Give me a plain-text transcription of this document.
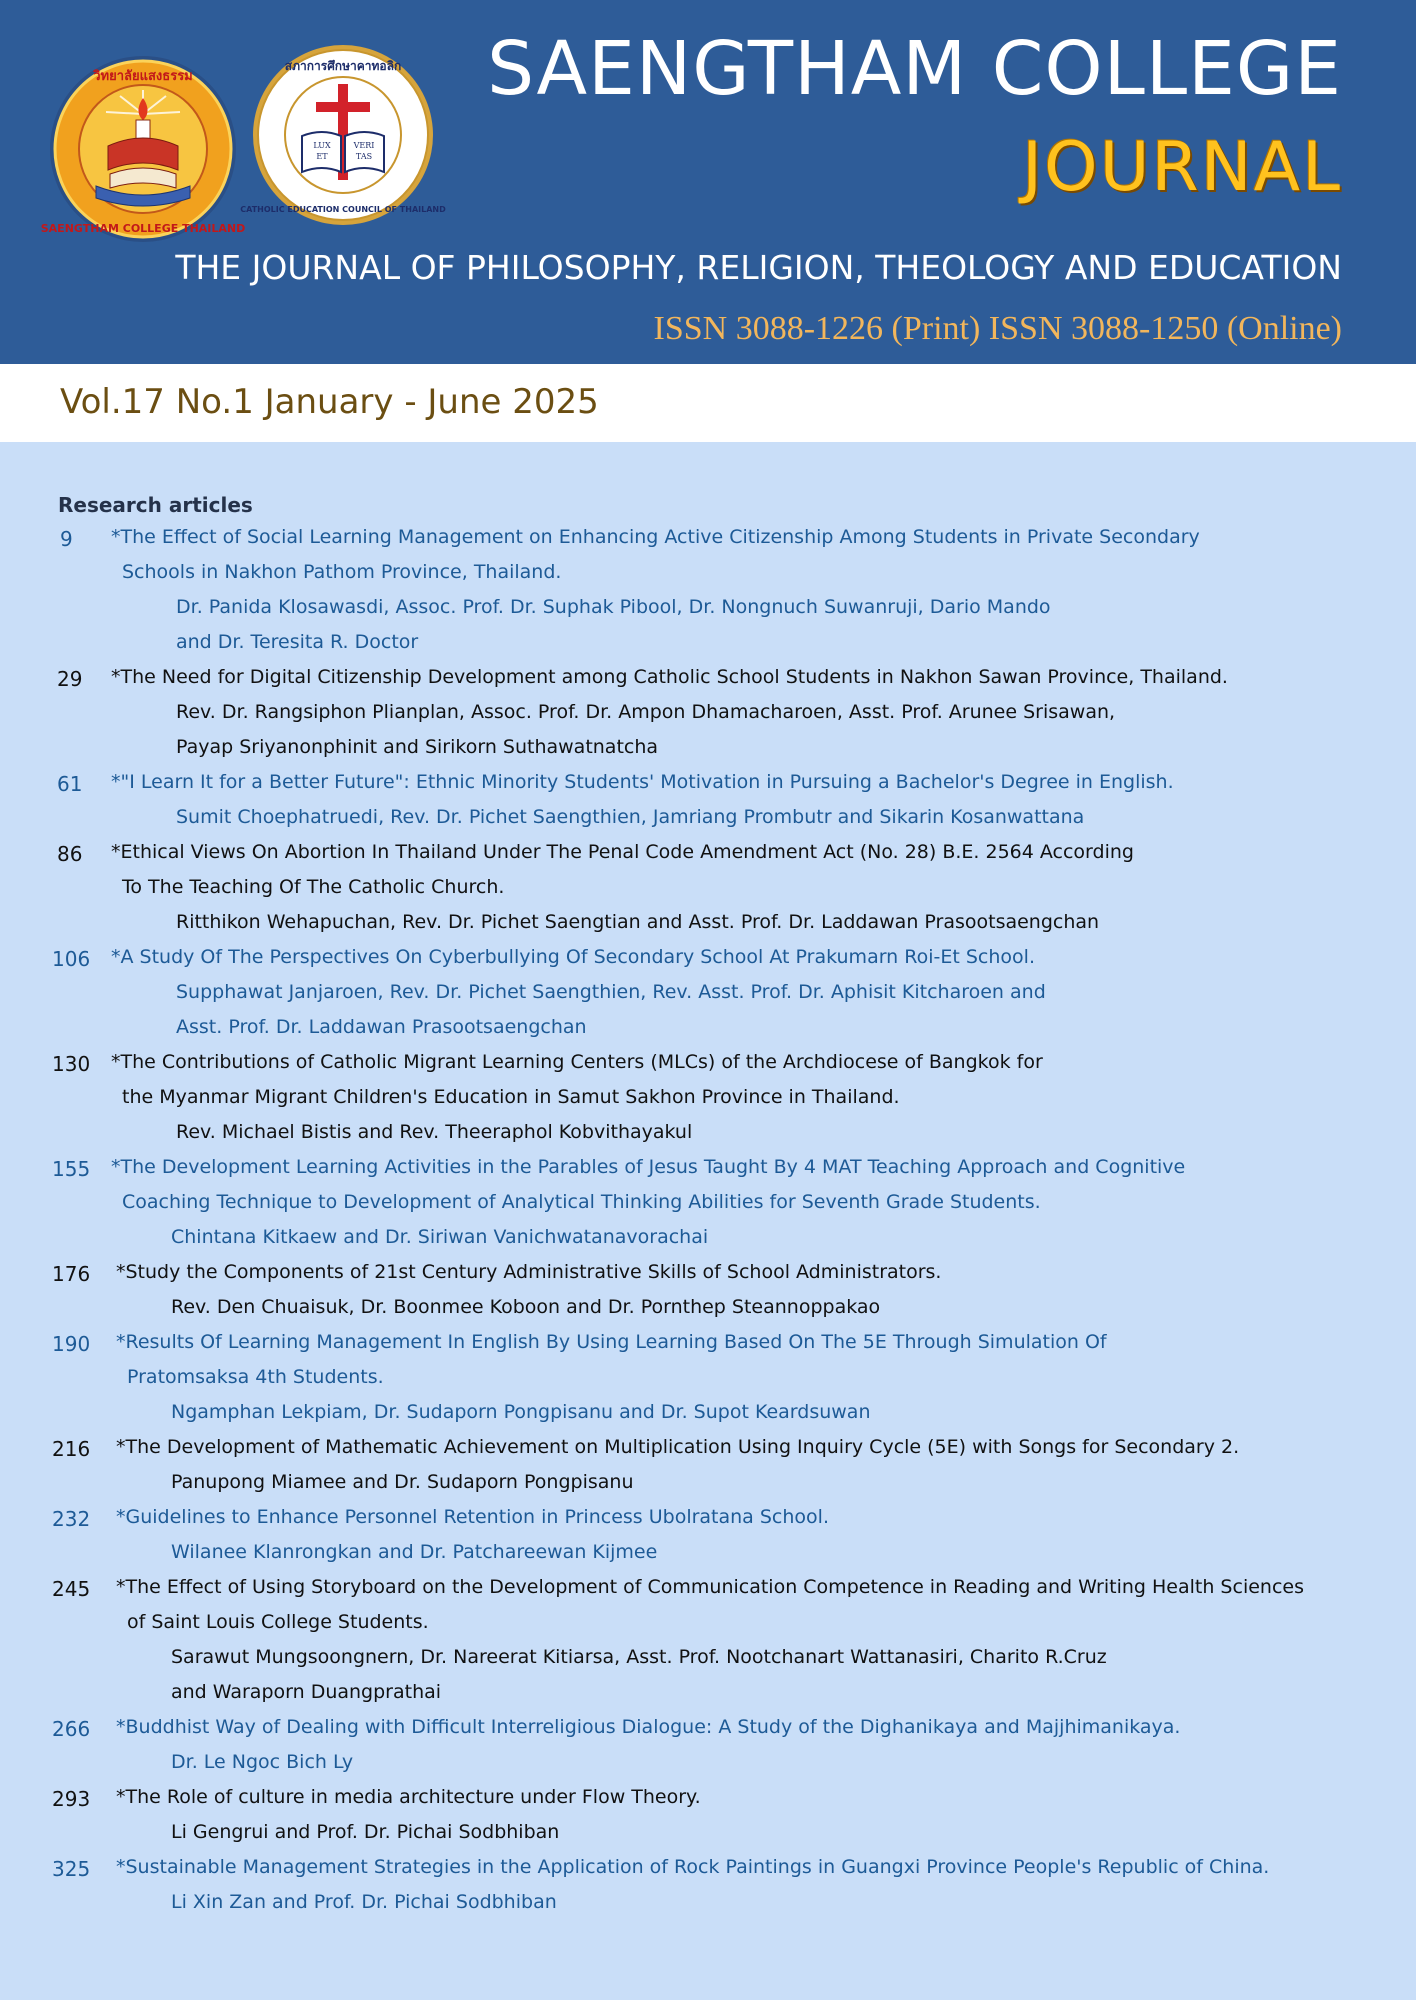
วิทยาลัยแสงธรรม
SAENGTHAM COLLEGE THAILAND
LUX
ET
VERI
TAS
สภาการศึกษาคาทอลิก
CATHOLIC EDUCATION COUNCIL OF THAILAND
SAENGTHAM COLLEGE
JOURNAL
THE JOURNAL OF PHILOSOPHY, RELIGION, THEOLOGY AND EDUCATION
ISSN 3088-1226 (Print) ISSN 3088-1250 (Online)
Vol.17 No.1 January - June 2025
Research articles
9 *The Effect of Social Learning Management on Enhancing Active Citizenship Among Students in Private Secondary
Schools in Nakhon Pathom Province, Thailand.
Dr. Panida Klosawasdi, Assoc. Prof. Dr. Suphak Pibool, Dr. Nongnuch Suwanruji, Dario Mando
and Dr. Teresita R. Doctor
29 *The Need for Digital Citizenship Development among Catholic School Students in Nakhon Sawan Province, Thailand.
Rev. Dr. Rangsiphon Plianplan, Assoc. Prof. Dr. Ampon Dhamacharoen, Asst. Prof. Arunee Srisawan,
Payap Sriyanonphinit and Sirikorn Suthawatnatcha
61 *"I Learn It for a Better Future": Ethnic Minority Students' Motivation in Pursuing a Bachelor's Degree in English.
Sumit Choephatruedi, Rev. Dr. Pichet Saengthien, Jamriang Prombutr and Sikarin Kosanwattana
86 *Ethical Views On Abortion In Thailand Under The Penal Code Amendment Act (No. 28) B.E. 2564 According
To The Teaching Of The Catholic Church.
Ritthikon Wehapuchan, Rev. Dr. Pichet Saengtian and Asst. Prof. Dr. Laddawan Prasootsaengchan
106 *A Study Of The Perspectives On Cyberbullying Of Secondary School At Prakumarn Roi-Et School.
Supphawat Janjaroen, Rev. Dr. Pichet Saengthien, Rev. Asst. Prof. Dr. Aphisit Kitcharoen and
Asst. Prof. Dr. Laddawan Prasootsaengchan
130 *The Contributions of Catholic Migrant Learning Centers (MLCs) of the Archdiocese of Bangkok for
the Myanmar Migrant Children's Education in Samut Sakhon Province in Thailand.
Rev. Michael Bistis and Rev. Theeraphol Kobvithayakul
155 *The Development Learning Activities in the Parables of Jesus Taught By 4 MAT Teaching Approach and Cognitive
Coaching Technique to Development of Analytical Thinking Abilities for Seventh Grade Students.
Chintana Kitkaew and Dr. Siriwan Vanichwatanavorachai
176 *Study the Components of 21st Century Administrative Skills of School Administrators.
Rev. Den Chuaisuk, Dr. Boonmee Koboon and Dr. Pornthep Steannoppakao
190 *Results Of Learning Management In English By Using Learning Based On The 5E Through Simulation Of
Pratomsaksa 4th Students.
Ngamphan Lekpiam, Dr. Sudaporn Pongpisanu and Dr. Supot Keardsuwan
216 *The Development of Mathematic Achievement on Multiplication Using Inquiry Cycle (5E) with Songs for Secondary 2.
Panupong Miamee and Dr. Sudaporn Pongpisanu
232 *Guidelines to Enhance Personnel Retention in Princess Ubolratana School.
Wilanee Klanrongkan and Dr. Patchareewan Kijmee
245 *The Effect of Using Storyboard on the Development of Communication Competence in Reading and Writing Health Sciences
of Saint Louis College Students.
Sarawut Mungsoongnern, Dr. Nareerat Kitiarsa, Asst. Prof. Nootchanart Wattanasiri, Charito R.Cruz
and Waraporn Duangprathai
266 *Buddhist Way of Dealing with Difficult Interreligious Dialogue: A Study of the Dighanikaya and Majjhimanikaya.
Dr. Le Ngoc Bich Ly
293 *The Role of culture in media architecture under Flow Theory.
Li Gengrui and Prof. Dr. Pichai Sodbhiban
325 *Sustainable Management Strategies in the Application of Rock Paintings in Guangxi Province People's Republic of China.
Li Xin Zan and Prof. Dr. Pichai Sodbhiban
